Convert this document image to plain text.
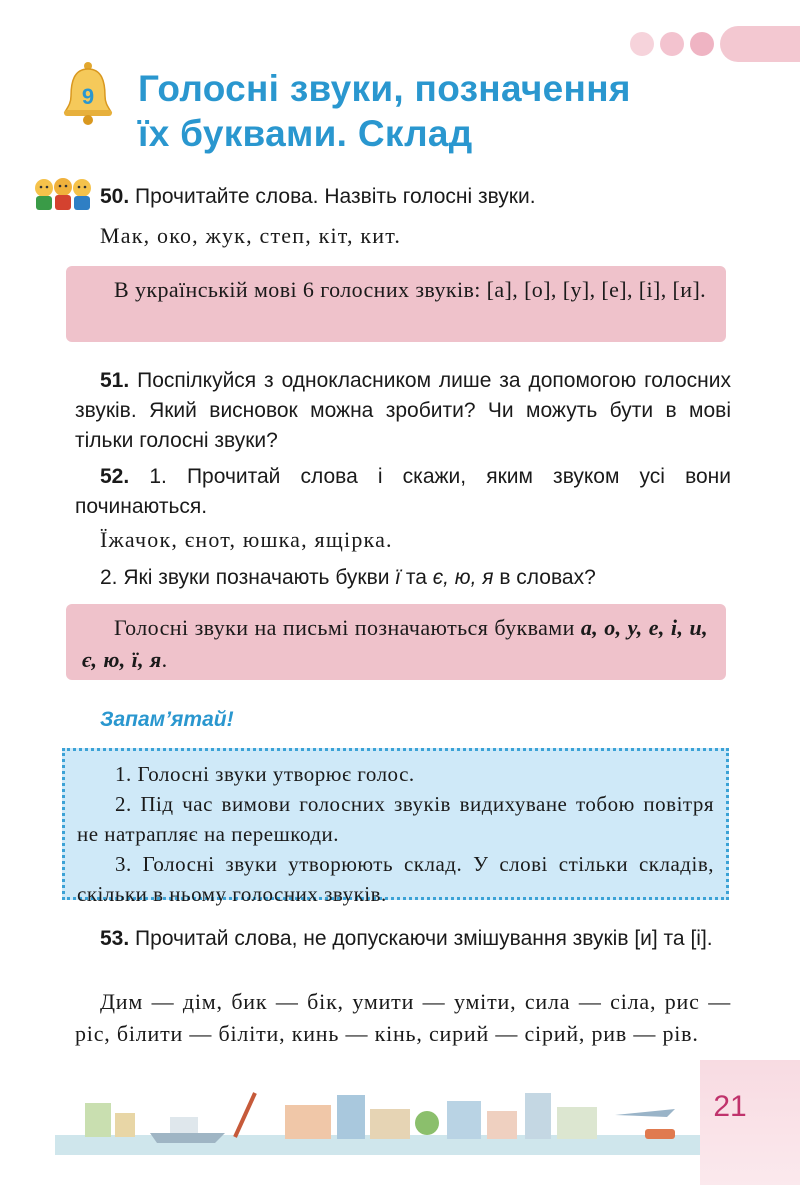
9 Голосні звуки, позначення
їх буквами. Склад
50. Прочитайте слова. Назвіть голосні звуки.
Мак, око, жук, степ, кіт, кит.
В українській мові 6 голосних звуків: [а], [о], [у], [е], [і], [и].
51. Поспілкуйся з однокласником лише за допомогою голосних звуків. Який висновок можна зробити? Чи можуть бути в мові тільки голосні звуки?
52. 1. Прочитай слова і скажи, яким звуком усі вони починаються.
Їжачок, єнот, юшка, ящірка.
2. Які звуки позначають букви ї та є, ю, я в словах?
Голосні звуки на письмі позначаються буквами а, о, у, е, і, и, є, ю, ї, я.
Запам’ятай!
1. Голосні звуки утворює голос.
2. Під час вимови голосних звуків видихуване тобою повітря не натрапляє на перешкоди.
3. Голосні звуки утворюють склад. У слові стільки складів, скільки в ньому голосних звуків.
53. Прочитай слова, не допускаючи змішування звуків [и] та [і].
Дим — дім, бик — бік, умити — уміти, сила — сіла, рис — ріс, білити — біліти, кинь — кінь, сирий — сірий, рив — рів.
21
